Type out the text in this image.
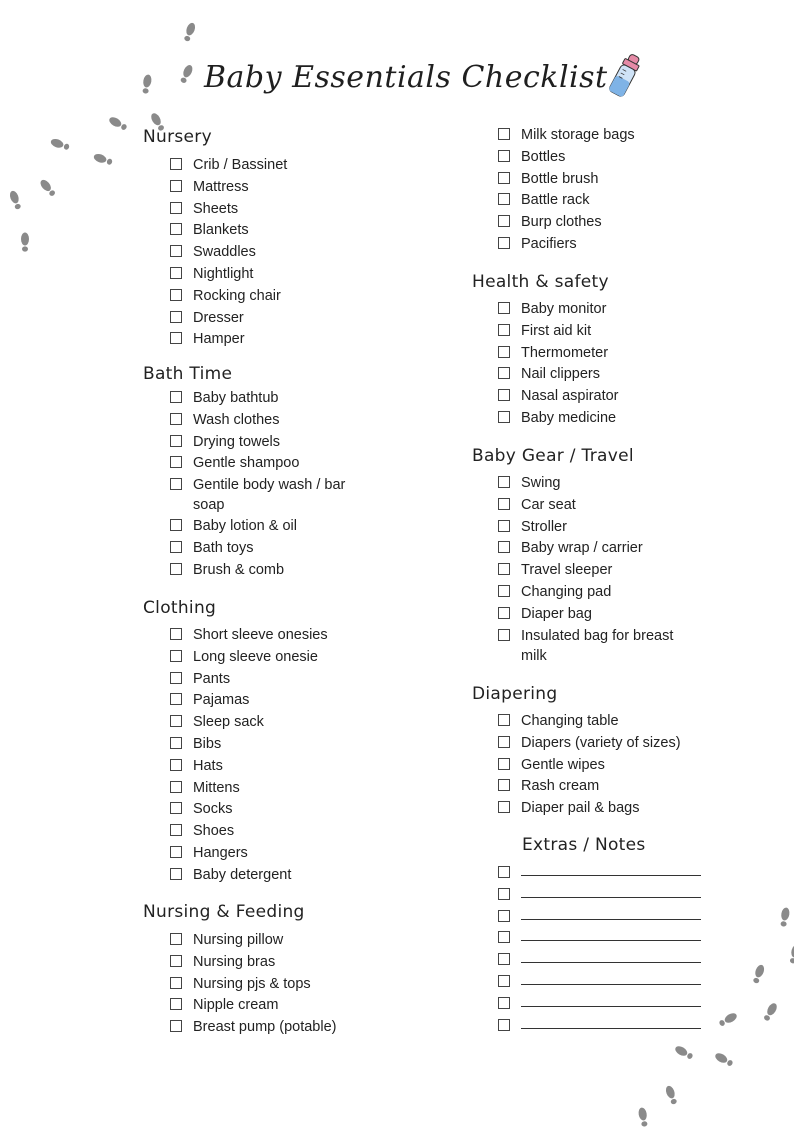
Baby Essentials Checklist
Nursery
Crib / Bassinet
Mattress
Sheets
Blankets
Swaddles
Nightlight
Rocking chair
Dresser
Hamper
Bath Time
Baby bathtub
Wash clothes
Drying towels
Gentle shampoo
Gentile body wash / bar soap
Baby lotion & oil
Bath toys
Brush & comb
Clothing
Short sleeve onesies
Long sleeve onesie
Pants
Pajamas
Sleep sack
Bibs
Hats
Mittens
Socks
Shoes
Hangers
Baby detergent
Nursing & Feeding
Nursing pillow
Nursing bras
Nursing pjs & tops
Nipple cream
Breast pump (potable)
Milk storage bags
Bottles
Bottle brush
Battle rack
Burp clothes
Pacifiers
Health & safety
Baby monitor
First aid kit
Thermometer
Nail clippers
Nasal aspirator
Baby medicine
Baby Gear / Travel
Swing
Car seat
Stroller
Baby wrap / carrier
Travel sleeper
Changing pad
Diaper bag
Insulated bag for breast milk
Diapering
Changing table
Diapers (variety of sizes)
Gentle wipes
Rash cream
Diaper pail & bags
Extras / Notes
